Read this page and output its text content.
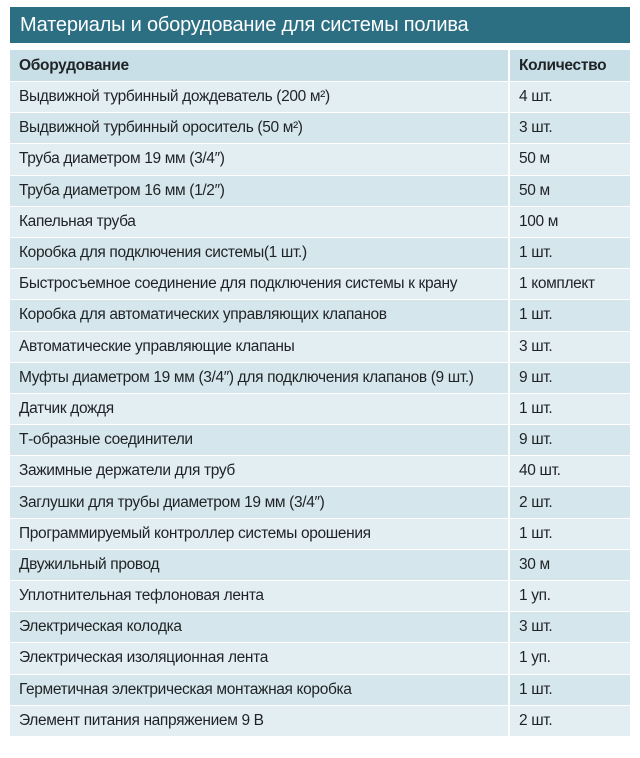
Материалы и оборудование для системы полива
Оборудование	Количество
Выдвижной турбинный дождеватель (200 м²)	4 шт.
Выдвижной турбинный ороситель (50 м²)	3 шт.
Труба диаметром 19 мм (3/4″)	50 м
Труба диаметром 16 мм (1/2″)	50 м
Капельная труба	100 м
Коробка для подключения системы(1 шт.)	1 шт.
Быстросъемное соединение для подключения системы к крану	1 комплект
Коробка для автоматических управляющих клапанов	1 шт.
Автоматические управляющие клапаны	3 шт.
Муфты диаметром 19 мм (3/4″) для подключения клапанов (9 шт.)	9 шт.
Датчик дождя	1 шт.
Т-образные соединители	9 шт.
Зажимные держатели для труб	40 шт.
Заглушки для трубы диаметром 19 мм (3/4″)	2 шт.
Программируемый контроллер системы орошения	1 шт.
Двужильный провод	30 м
Уплотнительная тефлоновая лента	1 уп.
Электрическая колодка	3 шт.
Электрическая изоляционная лента	1 уп.
Герметичная электрическая монтажная коробка	1 шт.
Элемент питания напряжением 9 В	2 шт.
